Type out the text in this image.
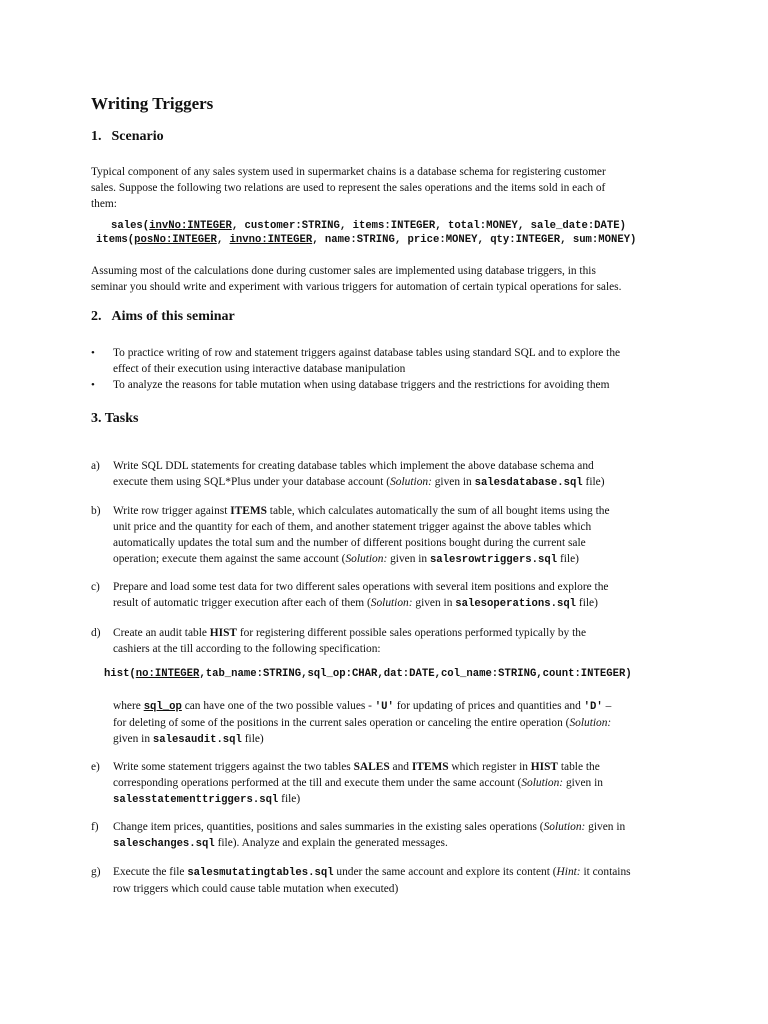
Writing Triggers
1. Scenario
Typical component of any sales system used in supermarket chains is a database schema for registering customer
sales. Suppose the following two relations are used to represent the sales operations and the items sold in each of
them:
sales(invNo:INTEGER, customer:STRING, items:INTEGER, total:MONEY, sale_date:DATE)
items(posNo:INTEGER, invno:INTEGER, name:STRING, price:MONEY, qty:INTEGER, sum:MONEY)
Assuming most of the calculations done during customer sales are implemented using database triggers, in this
seminar you should write and experiment with various triggers for automation of certain typical operations for sales.
2. Aims of this seminar
• To practice writing of row and statement triggers against database tables using standard SQL and to explore the
effect of their execution using interactive database manipulation
• To analyze the reasons for table mutation when using database triggers and the restrictions for avoiding them
3. Tasks
a) Write SQL DDL statements for creating database tables which implement the above database schema and
execute them using SQL*Plus under your database account (Solution: given in salesdatabase.sql file)
b) Write row trigger against ITEMS table, which calculates automatically the sum of all bought items using the
unit price and the quantity for each of them, and another statement trigger against the above tables which
automatically updates the total sum and the number of different positions bought during the current sale
operation; execute them against the same account (Solution: given in salesrowtriggers.sql file)
c) Prepare and load some test data for two different sales operations with several item positions and explore the
result of automatic trigger execution after each of them (Solution: given in salesoperations.sql file)
d) Create an audit table HIST for registering different possible sales operations performed typically by the
cashiers at the till according to the following specification:
hist(no:INTEGER,tab_name:STRING,sql_op:CHAR,dat:DATE,col_name:STRING,count:INTEGER)
where sql_op can have one of the two possible values - 'U' for updating of prices and quantities and 'D' –
for deleting of some of the positions in the current sales operation or canceling the entire operation (Solution:
given in salesaudit.sql file)
e) Write some statement triggers against the two tables SALES and ITEMS which register in HIST table the
corresponding operations performed at the till and execute them under the same account (Solution: given in
salesstatementtriggers.sql file)
f) Change item prices, quantities, positions and sales summaries in the existing sales operations (Solution: given in
saleschanges.sql file). Analyze and explain the generated messages.
g) Execute the file salesmutatingtables.sql under the same account and explore its content (Hint: it contains
row triggers which could cause table mutation when executed)
